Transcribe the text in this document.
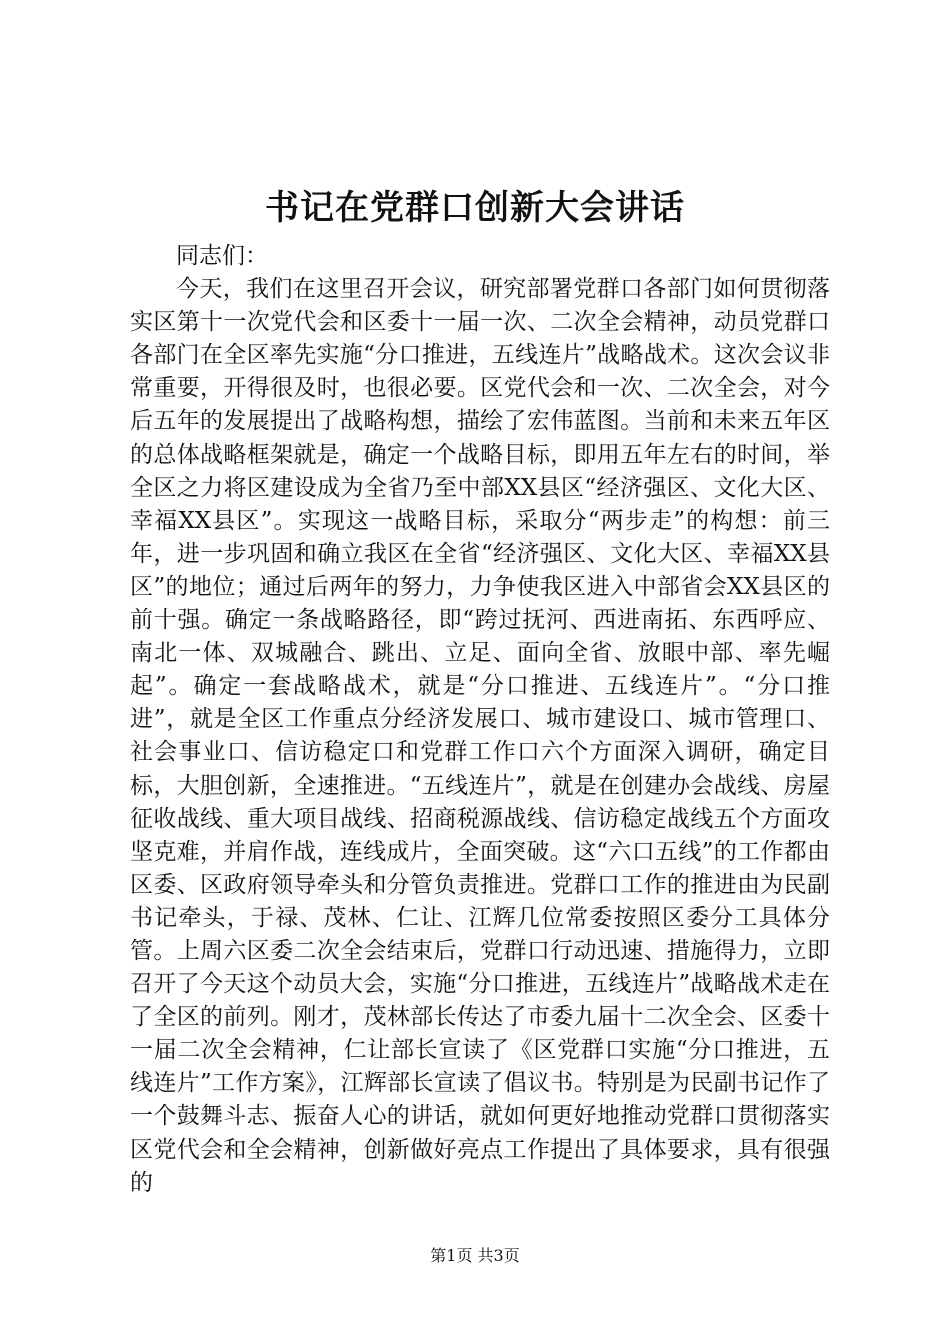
书记在党群口创新大会讲话

同志们：

今天，我们在这里召开会议，研究部署党群口各部门如何贯彻落实区第十一次党代会和区委十一届一次、二次全会精神，动员党群口各部门在全区率先实施“分口推进，五线连片”战略战术。这次会议非常重要，开得很及时，也很必要。区党代会和一次、二次全会，对今后五年的发展提出了战略构想，描绘了宏伟蓝图。当前和未来五年区的总体战略框架就是，确定一个战略目标，即用五年左右的时间，举全区之力将区建设成为全省乃至中部XX县区“经济强区、文化大区、幸福XX县区”。实现这一战略目标，采取分“两步走”的构想：前三年，进一步巩固和确立我区在全省“经济强区、文化大区、幸福XX县区”的地位；通过后两年的努力，力争使我区进入中部省会XX县区的前十强。确定一条战略路径，即“跨过抚河、西进南拓、东西呼应、南北一体、双城融合、跳出、立足、面向全省、放眼中部、率先崛起”。确定一套战略战术，就是“分口推进、五线连片”。“分口推进”，就是全区工作重点分经济发展口、城市建设口、城市管理口、社会事业口、信访稳定口和党群工作口六个方面深入调研，确定目标，大胆创新，全速推进。“五线连片”，就是在创建办会战线、房屋征收战线、重大项目战线、招商税源战线、信访稳定战线五个方面攻坚克难，并肩作战，连线成片，全面突破。这“六口五线”的工作都由区委、区政府领导牵头和分管负责推进。党群口工作的推进由为民副书记牵头，于禄、茂林、仁让、江辉几位常委按照区委分工具体分管。上周六区委二次全会结束后，党群口行动迅速、措施得力，立即召开了今天这个动员大会，实施“分口推进，五线连片”战略战术走在了全区的前列。刚才，茂林部长传达了市委九届十二次全会、区委十一届二次全会精神，仁让部长宣读了《区党群口实施“分口推进，五线连片”工作方案》，江辉部长宣读了倡议书。特别是为民副书记作了一个鼓舞斗志、振奋人心的讲话，就如何更好地推动党群口贯彻落实区党代会和全会精神，创新做好亮点工作提出了具体要求，具有很强的

第1页 共3页
